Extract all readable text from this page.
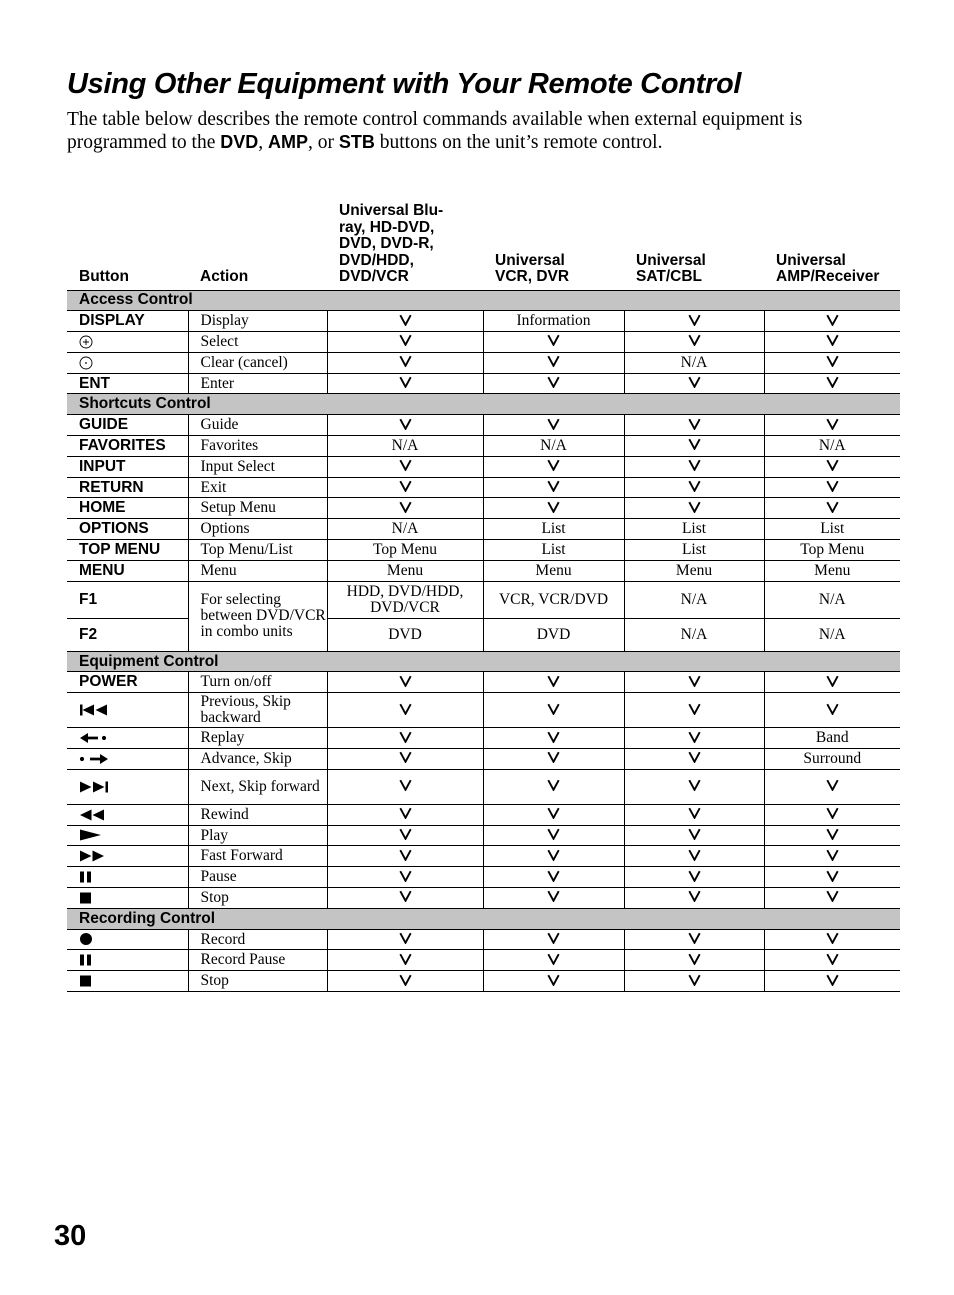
Using Other Equipment with Your Remote Control

The table below describes the remote control commands available when external equipment is programmed to the DVD, AMP, or STB buttons on the unit’s remote control.

Button	Action	Universal Blu-ray, HD-DVD, DVD, DVD-R, DVD/HDD, DVD/VCR	Universal VCR, DVR	Universal SAT/CBL	Universal AMP/Receiver
Access Control					
DISPLAY	Display		Information		
	Select				
	Clear (cancel)			N/A	
ENT	Enter				
Shortcuts Control					
GUIDE	Guide				
FAVORITES	Favorites	N/A	N/A		N/A
INPUT	Input Select				
RETURN	Exit				
HOME	Setup Menu				
OPTIONS	Options	N/A	List	List	List
TOP MENU	Top Menu/List	Top Menu	List	List	Top Menu
MENU	Menu	Menu	Menu	Menu	Menu
F1	For selecting between DVD/VCR in combo units	HDD, DVD/HDD, DVD/VCR	VCR, VCR/DVD	N/A	N/A
F2		DVD	DVD	N/A	N/A
Equipment Control					
POWER	Turn on/off				
	Previous, Skip backward				
	Replay				Band
	Advance, Skip				Surround
	Next, Skip forward				
	Rewind				
	Play				
	Fast Forward				
	Pause				
	Stop				
Recording Control					
	Record				
	Record Pause				
	Stop				
30
